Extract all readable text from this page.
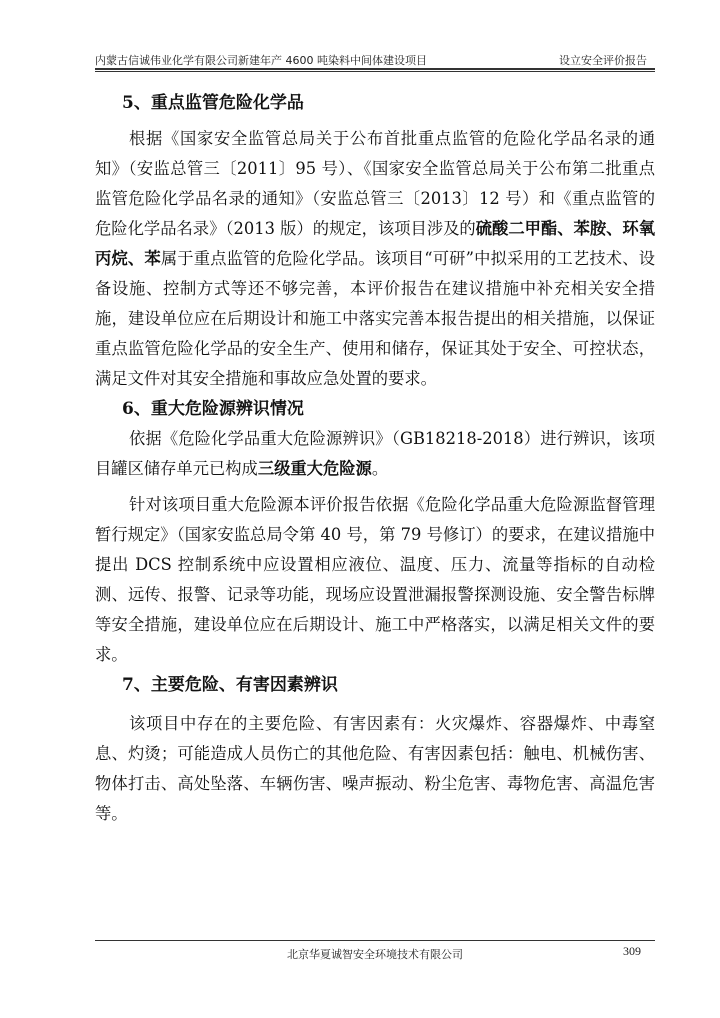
内蒙古信诚伟业化学有限公司新建年产 4600 吨染料中间体建设项目	设立安全评价报告

5、重点监管危险化学品

根据《国家安全监管总局关于公布首批重点监管的危险化学品名录的通知》（安监总管三〔2011〕95 号）、《国家安全监管总局关于公布第二批重点监管危险化学品名录的通知》（安监总管三〔2013〕12 号）和《重点监管的危险化学品名录》（2013 版）的规定，该项目涉及的硫酸二甲酯、苯胺、环氧丙烷、苯属于重点监管的危险化学品。该项目“可研”中拟采用的工艺技术、设备设施、控制方式等还不够完善，本评价报告在建议措施中补充相关安全措施，建设单位应在后期设计和施工中落实完善本报告提出的相关措施，以保证重点监管危险化学品的安全生产、使用和储存，保证其处于安全、可控状态，满足文件对其安全措施和事故应急处置的要求。

6、重大危险源辨识情况

依据《危险化学品重大危险源辨识》（GB18218-2018）进行辨识，该项目罐区储存单元已构成三级重大危险源。

针对该项目重大危险源本评价报告依据《危险化学品重大危险源监督管理暂行规定》（国家安监总局令第 40 号，第 79 号修订）的要求，在建议措施中提出 DCS 控制系统中应设置相应液位、温度、压力、流量等指标的自动检测、远传、报警、记录等功能，现场应设置泄漏报警探测设施、安全警告标牌等安全措施，建设单位应在后期设计、施工中严格落实，以满足相关文件的要求。

7、主要危险、有害因素辨识

该项目中存在的主要危险、有害因素有：火灾爆炸、容器爆炸、中毒窒息、灼烫；可能造成人员伤亡的其他危险、有害因素包括：触电、机械伤害、物体打击、高处坠落、车辆伤害、噪声振动、粉尘危害、毒物危害、高温危害等。

北京华夏诚智安全环境技术有限公司	309
